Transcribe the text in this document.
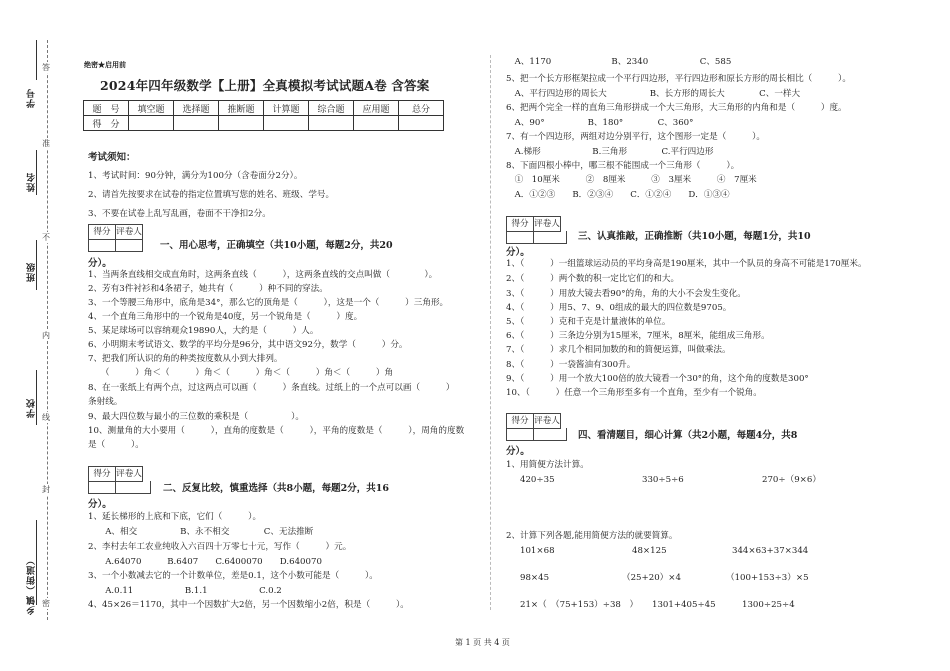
学号
姓名
班级
学校
乡镇（街道）
答
准
不
内
线
封
密
绝密★启用前
2024年四年级数学【上册】全真模拟考试试题A卷 含答案
题　号	填空题	选择题	推断题	计算题	综合题	应用题	总分
得　分							
考试须知：
1、考试时间：90分钟，满分为100分（含卷面分2分）。
2、请首先按要求在试卷的指定位置填写您的姓名、班级、学号。
3、不要在试卷上乱写乱画，卷面不干净扣2分。
得分 评卷人
一、用心思考，正确填空（共10小题，每题2分，共20
分）。
1、当两条直线相交成直角时，这两条直线（　　　），这两条直线的交点叫做（　　　　）。
2、芳有3件衬衫和4条裙子，她共有（　　　）种不同的穿法。
3、一个等腰三角形中，底角是34°，那么它的顶角是（　　　），这是一个（　　　）三角形。
4、一个直角三角形中的一个锐角是40度，另一个锐角是（　　　）度。
5、某足球场可以容纳观众19890人，大约是（　　　）人。
6、小明期末考试语文、数学的平均分是96分，其中语文92分，数学（　　　）分。
7、把我们所认识的角的种类按度数从小到大排列。
　　（　　　）角＜（　　　）角＜（　　　）角＜（　　　）角＜（　　　）角
8、在一张纸上有两个点，过这两点可以画（　　　）条直线。过纸上的一个点可以画（　　　）
条射线。
9、最大四位数与最小的三位数的乘积是（　　　　　）。
10、测量角的大小要用（　　　），直角的度数是（　　　），平角的度数是（　　　），周角的度数
是（　　　）。
得分 评卷人
二、反复比较，慎重选择（共8小题，每题2分，共16
分）。
1、延长梯形的上底和下底，它们（　　　）。
　　A、相交　　　　　B、永不相交　　　　C、无法推断
2、李村去年工农业纯收入六百四十万零七十元，写作（　　　）元。
　　A.64070　　　B.6407　　C.6400070　　D.640070
3、一个小数减去它的一个计数单位，差是0.1，这个小数可能是（　　　）。
　　A.0.11　　　　　　B.1.1　　　　　　C.0.2
4、45×26＝1170，其中一个因数扩大2倍，另一个因数缩小2倍，积是（　　　）。
　A、1170　　　　　　　B、2340　　　　　　C、585
5、把一个长方形框架拉成一个平行四边形，平行四边形和原长方形的周长相比（　　　）。
　A、平行四边形的周长大　　　　　B、长方形的周长大　　　　C、一样大
6、把两个完全一样的直角三角形拼成一个大三角形，大三角形的内角和是（　　　）度。
　A、90°　　　　　B、180°　　　　C、360°
7、有一个四边形，两组对边分别平行，这个图形一定是（　　　）。
　A.梯形　　　　　　B.三角形　　　　C.平行四边形
8、下面四根小棒中，哪三根不能围成一个三角形（　　　）。
　①　10厘米　　　②　8厘米　　　③　3厘米　　　④　7厘米
　A．①②③　　B．②③④　　C．①②④　　D．①③④
得分 评卷人
三、认真推敲，正确推断（共10小题，每题1分，共10
分）。
1、（　　　）一组篮球运动员的平均身高是190厘米，其中一个队员的身高不可能是170厘米。
2、（　　　）两个数的积一定比它们的和大。
3、（　　　）用放大镜去看90°的角，角的大小不会发生变化。
4、（　　　）用5、7、9、0组成的最大的四位数是9705。
5、（　　　）克和千克是计量液体的单位。
6、（　　　）三条边分别为15厘米，7厘米，8厘米，能组成三角形。
7、（　　　）求几个相同加数的和的简便运算，叫做乘法。
8、（　　　）一袋酱油有300升。
9、（　　　）用一个放大100倍的放大镜看一个30°的角，这个角的度数是300°
10、（　　　）任意一个三角形至多有一个直角，至少有一个锐角。
得分 评卷人
四、看清题目，细心计算（共2小题，每题4分，共8
分）。
1、用简便方法计算。
420÷35	330÷5÷6	270÷（9×6）
2、计算下列各题,能用简便方法的就要简算。
101×68	48×125	344×63+37×344
98×45	（25+20）×4	（100+153÷3）×5
21×（　（75+153）÷38　） 1301+405÷45	1300÷25÷4
第 1 页 共 4 页
